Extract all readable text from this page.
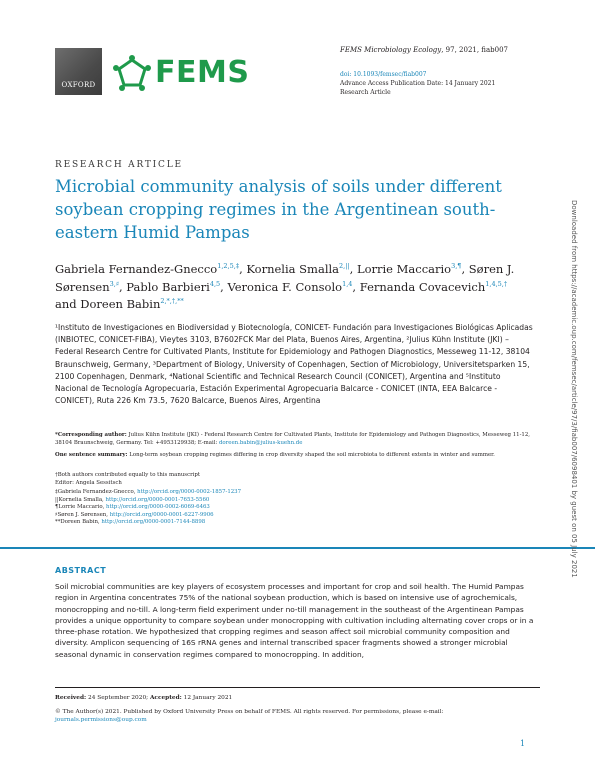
OXFORD FEMS
FEMS Microbiology Ecology, 97, 2021, fiab007
doi: 10.1093/femsec/fiab007
Advance Access Publication Date: 14 January 2021
Research Article
RESEARCH ARTICLE
Microbial community analysis of soils under different soybean cropping regimes in the Argentinean south-eastern Humid Pampas
Gabriela Fernandez-Gnecco$^{1,2,5,\ddagger}$, Kornelia Smalla$^{2,||}$, Lorrie Maccario$^{3,\P}$, Søren J. Sørensen$^{3,♯}$, Pablo Barbieri$^{4,5}$, Veronica F. Consolo$^{1,4}$, Fernanda Covacevich$^{1,4,5,\dagger}$ and Doreen Babin$^{2,*,\dagger,**}$
¹Instituto de Investigaciones en Biodiversidad y Biotecnología, CONICET- Fundación para Investigaciones Biológicas Aplicadas (INBIOTEC, CONICET-FIBA), Vieytes 3103, B7602FCK Mar del Plata, Buenos Aires, Argentina, ²Julius Kühn Institute (JKI) – Federal Research Centre for Cultivated Plants, Institute for Epidemiology and Pathogen Diagnostics, Messeweg 11-12, 38104 Braunschweig, Germany, ³Department of Biology, University of Copenhagen, Section of Microbiology, Universitetsparken 15, 2100 Copenhagen, Denmark, ⁴National Scientific and Technical Research Council (CONICET), Argentina and ⁵Instituto Nacional de Tecnología Agropecuaria, Estación Experimental Agropecuaria Balcarce - CONICET (INTA, EEA Balcarce - CONICET), Ruta 226 Km 73.5, 7620 Balcarce, Buenos Aires, Argentina
*Corresponding author: Julius Kühn Institute (JKI) - Federal Research Centre for Cultivated Plants, Institute for Epidemiology and Pathogen Diagnostics, Messeweg 11-12, 38104 Braunschweig, Germany. Tel: +4953129938; E-mail: doreen.babin@julius-kuehn.de
One sentence summary: Long-term soybean cropping regimes differing in crop diversity shaped the soil microbiota to different extents in winter and summer.
†Both authors contributed equally to this manuscript
Editor: Angela Sessitsch
‡Gabriela Fernandez-Gnecco, http://orcid.org/0000-0002-1857-1237
||Kornelia Smalla, http://orcid.org/0000-0001-7653-5560
¶Lorrie Maccario, http://orcid.org/0000-0002-6069-6463
♯Søren J. Sørensen, http://orcid.org/0000-0001-6227-9906
**Doreen Babin, http://orcid.org/0000-0001-7144-8898
ABSTRACT
Soil microbial communities are key players of ecosystem processes and important for crop and soil health. The Humid Pampas region in Argentina concentrates 75% of the national soybean production, which is based on intensive use of agrochemicals, monocropping and no-till. A long-term field experiment under no-till management in the southeast of the Argentinean Pampas provides a unique opportunity to compare soybean under monocropping with cultivation including alternating cover crops or in a three-phase rotation. We hypothesized that cropping regimes and season affect soil microbial community composition and diversity. Amplicon sequencing of 16S rRNA genes and internal transcribed spacer fragments showed a stronger microbial seasonal dynamic in conservation regimes compared to monocropping. In addition,
Received: 24 September 2020; Accepted: 12 January 2021
© The Author(s) 2021. Published by Oxford University Press on behalf of FEMS. All rights reserved. For permissions, please e-mail:
journals.permissions@oup.com
1
Downloaded from https://academic.oup.com/femsec/article/97/3/fiab007/6098401 by guest on 05 July 2021
